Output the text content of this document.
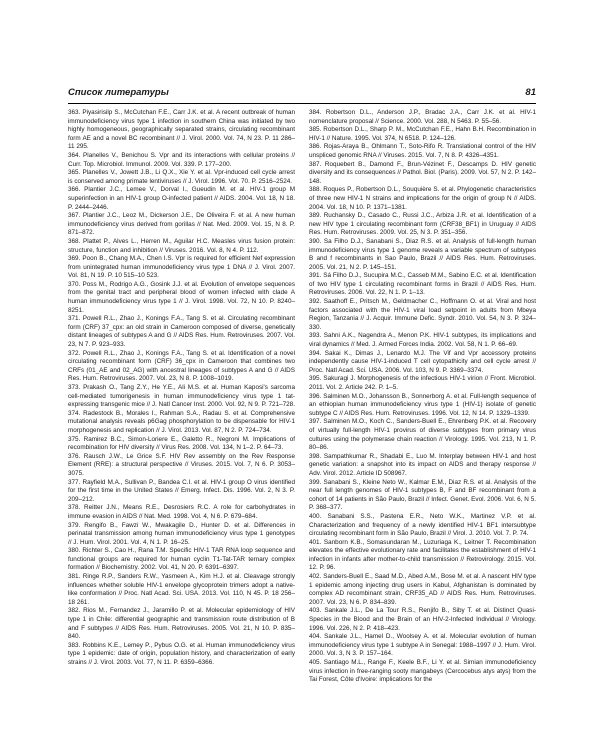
Список литературы	81

363. Piyasirisilp S., McCutchan F.E., Carr J.K. et al. A recent outbreak of human immunodeficiency virus type 1 infection in southern China was initiated by two highly homogeneous, geographically separated strains, circulating recombinant form AE and a novel BC recombinant // J. Virol. 2000. Vol. 74, N 23. P. 11 286–11 295.

364. Planelles V., Benichou S. Vpr and its interactions with cellular proteins // Curr. Top. Microbiol. Immunol. 2009. Vol. 339. P. 177–200.

365. Planelles V., Jowett J.B., Li Q.X., Xie Y. et al. Vpr-induced cell cycle arrest is conserved among primate lentiviruses // J. Virol. 1996. Vol. 70. P. 2516–2524.

366. Plantier J.C., Lemee V., Dorval I., Gueudin M. et al. HIV-1 group M superinfection in an HIV-1 group O-infected patient // AIDS. 2004. Vol. 18, N 18. P. 2444–2446.

367. Plantier J.C., Leoz M., Dickerson J.E., De Oliveira F. et al. A new human immunodeficiency virus derived from gorillas // Nat. Med. 2009. Vol. 15, N 8. P. 871–872.

368. Plattet P., Alves L., Herren M., Aguilar H.C. Measles virus fusion protein: structure, function and inhibition // Viruses. 2016. Vol. 8, N 4. P. 112.

369. Poon B., Chang M.A., Chen I.S. Vpr is required for efficient Nef expression from unintegrated human immunodeficiency virus type 1 DNA // J. Virol. 2007. Vol. 81, N 19. P. 10 515–10 523.

370. Poss M., Rodrigo A.G., Gosink J.J. et al. Evolution of envelope sequences from the genital tract and peripheral blood of women infected with clade A human immunodeficiency virus type 1 // J. Virol. 1998. Vol. 72, N 10. P. 8240–8251.

371. Powell R.L., Zhao J., Konings F.A., Tang S. et al. Circulating recombinant form (CRF) 37_cpx: an old strain in Cameroon composed of diverse, genetically distant lineages of subtypes A and G // AIDS Res. Hum. Retroviruses. 2007. Vol. 23, N 7. P. 923–933.

372. Powell R.L., Zhao J., Konings F.A., Tang S. et al. Identification of a novel circulating recombinant form (CRF) 36_cpx in Cameroon that combines two CRFs (01_AE and 02_AG) with ancestral lineages of subtypes A and G // AIDS Res. Hum. Retroviruses. 2007. Vol. 23, N 8. P. 1008–1019.

373. Prakash O., Tang Z.Y., He Y.E., Ali M.S. et al. Human Kaposi's sarcoma cell-mediated tumorigenesis in human immunodeficiency virus type 1 tat-expressing transgenic mice // J. Natl Cancer Inst. 2000. Vol. 92, N 9. P. 721–728.

374. Radestock B., Morales I., Rahman S.A., Radau S. et al. Comprehensive mutational analysis reveals p6Gag phosphorylation to be dispensable for HIV-1 morphogenesis and replication // J. Virol. 2013. Vol. 87, N 2. P. 724–734.

375. Ramirez B.C., Simon-Loriere E., Galetto R., Negroni M. Implications of recombination for HIV diversity // Virus Res. 2008. Vol. 134, N 1–2. P. 64–73.

376. Rausch J.W., Le Grice S.F. HIV Rev assembly on the Rev Response Element (RRE): a structural perspective // Viruses. 2015. Vol. 7, N 6. P. 3053–3075.

377. Rayfield M.A., Sullivan P., Bandea C.I. et al. HIV-1 group O virus identified for the first time in the United States // Emerg. Infect. Dis. 1996. Vol. 2, N 3. P. 209–212.

378. Reitter J.N., Means R.E., Desrosiers R.C. A role for carbohydrates in immune evasion in AIDS // Nat. Med. 1998. Vol. 4, N 6. P. 679–684.

379. Rengifo B., Fawzi W., Mwakagile D., Hunter D. et al. Differences in perinatal transmission among human immunodeficiency virus type 1 genotypes // J. Hum. Virol. 2001. Vol. 4, N 1. P. 16–25.

380. Richter S., Cao H., Rana T.M. Specific HIV-1 TAR RNA loop sequence and functional groups are required for human cyclin T1-Tat-TAR ternary complex formation // Biochemistry. 2002. Vol. 41, N 20. P. 6391–6397.

381. Ringe R.P., Sanders R.W., Yasmeen A., Kim H.J. et al. Cleavage strongly influences whether soluble HIV-1 envelope glycoprotein trimers adopt a native-like conformation // Proc. Natl Acad. Sci. USA. 2013. Vol. 110, N 45. P. 18 256–18 261.

382. Rios M., Fernandez J., Jaramillo P. et al. Molecular epidemiology of HIV type 1 in Chile: differential geographic and transmission route distribution of B and F subtypes // AIDS Res. Hum. Retroviruses. 2005. Vol. 21, N 10. P. 835–840.

383. Robbins K.E., Lemey P., Pybus O.G. et al. Human immunodeficiency virus type 1 epidemic: date of origin, population history, and characterization of early strains // J. Virol. 2003. Vol. 77, N 11. P. 6359–6366.

384. Robertson D.L., Anderson J.P., Bradac J.A., Carr J.K. et al. HIV-1 nomenclature proposal // Science. 2000. Vol. 288, N 5463. P. 55–56.

385. Robertson D.L., Sharp P. M., McCutchan F.E., Hahn B.H. Recombination in HIV-1 // Nature. 1995. Vol. 374, N 6518. P. 124–126.

386. Rojas-Araya B., Ohlmann T., Soto-Rifo R. Translational control of the HIV unspliced genomic RNA // Viruses. 2015. Vol. 7, N 8. P. 4326–4351.

387. Roquebert B., Damond F., Brun-Vézinet F., Descamps D. HIV genetic diversity and its consequences // Pathol. Biol. (Paris). 2009. Vol. 57, N 2. P. 142–148.

388. Roques P., Robertson D.L., Souquière S. et al. Phylogenetic characteristics of three new HIV-1 N strains and implications for the origin of group N // AIDS. 2004. Vol. 18, N 10. P. 1371–1381.

389. Ruchansky D., Casado C., Russi J.C., Arbiza J.R. et al. Identification of a new HIV type 1 circulating recombinant form (CRF38_BF1) in Uruguay // AIDS Res. Hum. Retroviruses. 2009. Vol. 25, N 3. P. 351–356.

390. Sa Filho D.J., Sanabani S., Diaz R.S. et al. Analysis of full-length human immunodeficiency virus type 1 genome reveals a variable spectrum of subtypes B and f recombinants in Sao Paulo, Brazil // AIDS Res. Hum. Retroviruses. 2005. Vol. 21, N 2. P. 145–151.

391. Sá Filho D.J., Sucupira M.C., Casseb M.M., Sabino E.C. et al. Identification of two HIV type 1 circulating recombinant forms in Brazil // AIDS Res. Hum. Retroviruses. 2006. Vol. 22, N 1. P. 1–13.

392. Saathoff E., Pritsch M., Geldmacher C., Hoffmann O. et al. Viral and host factors associated with the HIV-1 viral load setpoint in adults from Mbeya Region, Tanzania // J. Acquir. Immune Defic. Syndr. 2010. Vol. 54, N 3. P. 324–330.

393. Sahni A.K., Nagendra A., Menon P.K. HIV-1 subtypes, its implications and viral dynamics // Med. J. Armed Forces India. 2002. Vol. 58, N 1. P. 66–69.

394. Sakai K., Dimas J., Lenardo M.J. The Vif and Vpr accessory proteins independently cause HIV-1-induced T cell cytopathicity and cell cycle arrest // Proc. Natl Acad. Sci. USA. 2006. Vol. 103, N 9. P. 3369–3374.

395. Sakuragi J. Morphogenesis of the infectious HIV-1 virion // Front. Microbiol. 2011. Vol. 2. Article 242. P. 1–5.

396. Salminen M.O., Johansson B., Sonnerborg A. et al. Full-length sequence of an ethiopian human immunodeficiency virus type 1 (HIV-1) isolate of genetic subtype C // AIDS Res. Hum. Retroviruses. 1996. Vol. 12, N 14. P. 1329–1339.

397. Salminen M.O., Koch C., Sanders-Buell E., Ehrenberg P.K. et al. Recovery of virtually full-length HIV-1 provirus of diverse subtypes from primary virus cultures using the polymerase chain reaction // Virology. 1995. Vol. 213, N 1. P. 80–86.

398. Sampathkumar R., Shadabi E., Luo M. Interplay between HIV-1 and host genetic variation: a snapshot into its impact on AIDS and therapy response // Adv. Virol. 2012. Article ID 508967.

399. Sanabani S., Kleine Neto W., Kalmar E.M., Diaz R.S. et al. Analysis of the near full length genomes of HIV-1 subtypes B, F and BF recombinant from a cohort of 14 patients in São Paulo, Brazil // Infect. Genet. Evol. 2006. Vol. 6, N 5. P. 368–377.

400. Sanabani S.S., Pastena E.R., Neto W.K., Martinez V.P. et al. Characterization and frequency of a newly identified HIV-1 BF1 intersubtype circulating recombinant form in São Paulo, Brazil // Virol. J. 2010. Vol. 7. P. 74.

401. Sanborn K.B., Somasundaran M., Luzuriaga K., Leitner T. Recombination elevates the effective evolutionary rate and facilitates the establishment of HIV-1 infection in infants after mother-to-child transmission // Retrovirology. 2015. Vol. 12. P. 96.

402. Sanders-Buell E., Saad M.D., Abed A.M., Bose M. et al. A nascent HIV type 1 epidemic among injecting drug users in Kabul, Afghanistan is dominated by complex AD recombinant strain, CRF35_AD // AIDS Res. Hum. Retroviruses. 2007. Vol. 23, N 6. P. 834–839.

403. Sankale J.L., De La Tour R.S., Renjifo B., Siby T. et al. Distinct Quasi-Species in the Blood and the Brain of an HIV-2-Infected Individual // Virology. 1996. Vol. 226, N 2. P. 418–423.

404. Sankale J.L., Hamel D., Woolsey A. et al. Molecular evolution of human immunodeficiency virus type 1 subtype A in Senegal: 1988–1997 // J. Hum. Virol. 2000. Vol. 3, N 3. P. 157–164.

405. Santiago M.L., Range F., Keele B.F., Li Y. et al. Simian immunodeficiency virus infection in free-ranging sooty mangabeys (Cercocebus atys atys) from the Tai Forest, Côte d'Ivoire: implications for the
